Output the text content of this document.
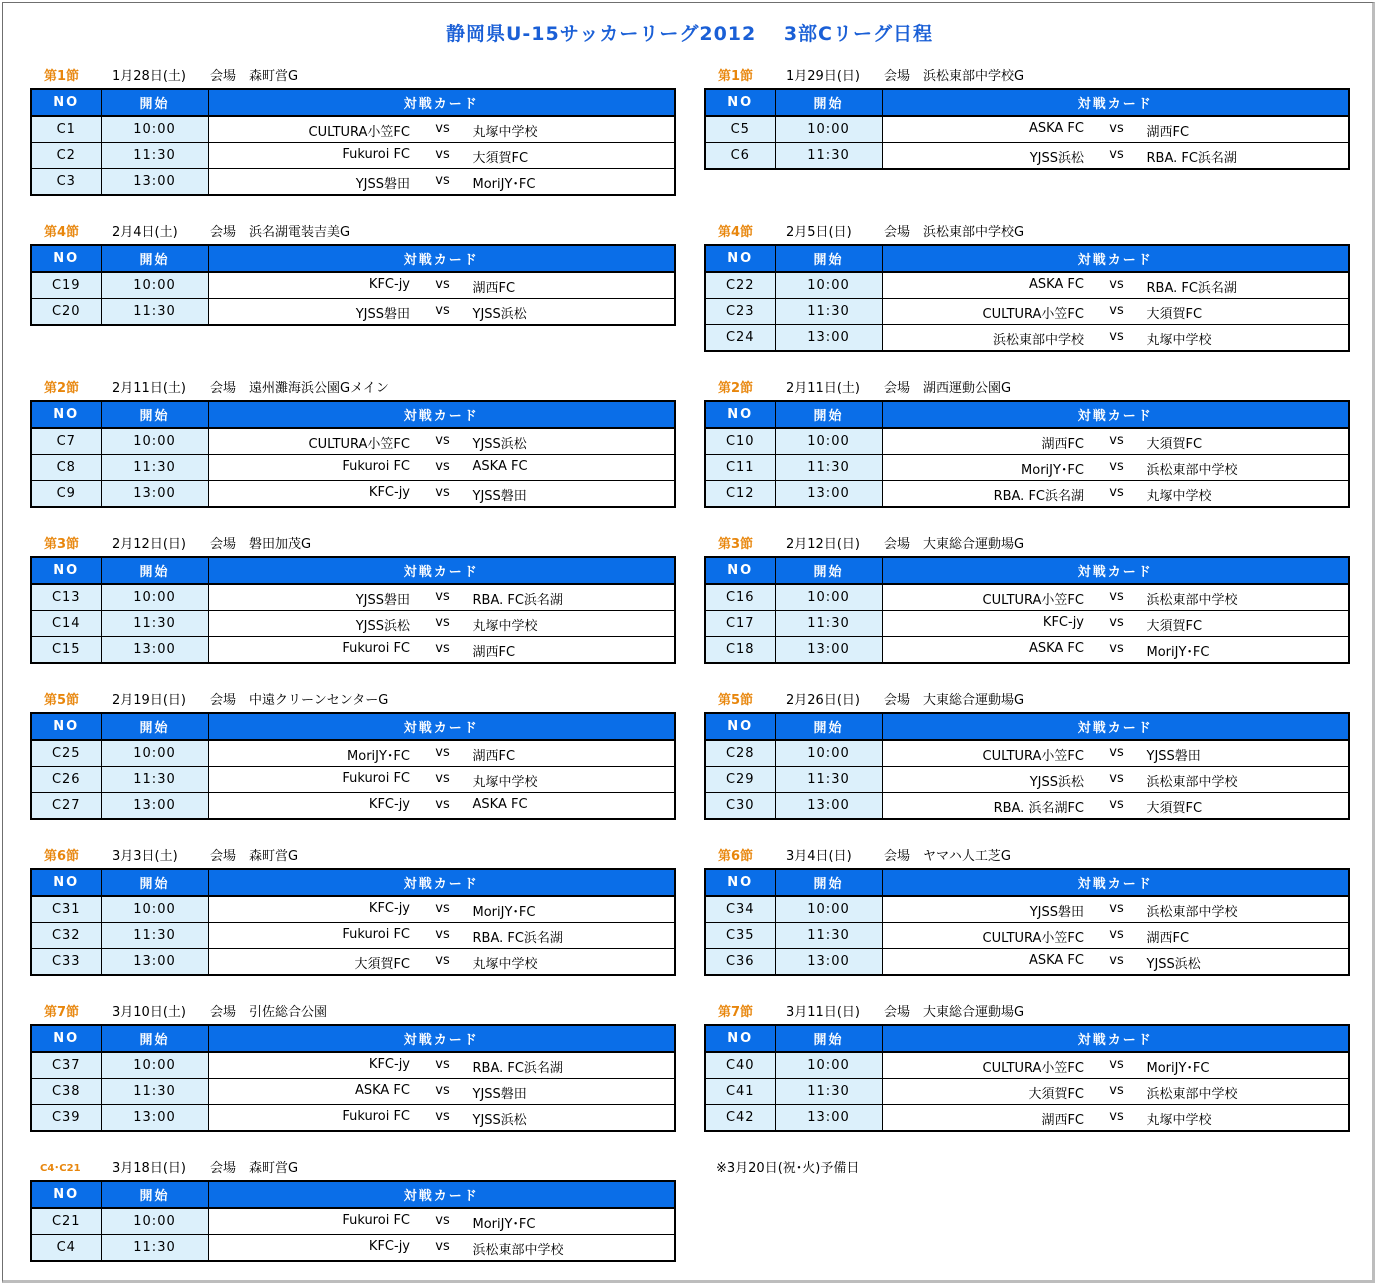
静岡県U-15サッカーリーグ2012　 3部Cリーグ日程
第1節	1月28日(土) 会場　森町営G
NO	開始	対戦カード
C1	10:00	CULTURA小笠FC vs 丸塚中学校

C2	11:30	Fukuroi FC vs 大須賀FC

C3	13:00	YJSS磐田 vs MoriJY･FC
第1節	1月29日(日) 会場　浜松東部中学校G
NO	開始	対戦カード
C5	10:00	ASKA FC vs 湖西FC

C6	11:30	YJSS浜松 vs RBA. FC浜名湖
第4節	2月4日(土) 会場　浜名湖電装吉美G
NO	開始	対戦カード
C19	10:00	KFC-jy vs 湖西FC

C20	11:30	YJSS磐田 vs YJSS浜松
第4節	2月5日(日) 会場　浜松東部中学校G
NO	開始	対戦カード
C22	10:00	ASKA FC vs RBA. FC浜名湖

C23	11:30	CULTURA小笠FC vs 大須賀FC

C24	13:00	浜松東部中学校 vs 丸塚中学校
第2節	2月11日(土) 会場　遠州灘海浜公園Gメイン
NO	開始	対戦カード
C7	10:00	CULTURA小笠FC vs YJSS浜松

C8	11:30	Fukuroi FC vs ASKA FC

C9	13:00	KFC-jy vs YJSS磐田
第2節	2月11日(土) 会場　湖西運動公園G
NO	開始	対戦カード
C10	10:00	湖西FC vs 大須賀FC

C11	11:30	MoriJY･FC vs 浜松東部中学校

C12	13:00	RBA. FC浜名湖 vs 丸塚中学校
第3節	2月12日(日) 会場　磐田加茂G
NO	開始	対戦カード
C13	10:00	YJSS磐田 vs RBA. FC浜名湖

C14	11:30	YJSS浜松 vs 丸塚中学校

C15	13:00	Fukuroi FC vs 湖西FC
第3節	2月12日(日) 会場　大東総合運動場G
NO	開始	対戦カード
C16	10:00	CULTURA小笠FC vs 浜松東部中学校

C17	11:30	KFC-jy vs 大須賀FC

C18	13:00	ASKA FC vs MoriJY･FC
第5節	2月19日(日) 会場　中遠クリーンセンターG
NO	開始	対戦カード
C25	10:00	MoriJY･FC vs 湖西FC

C26	11:30	Fukuroi FC vs 丸塚中学校

C27	13:00	KFC-jy vs ASKA FC
第5節	2月26日(日) 会場　大東総合運動場G
NO	開始	対戦カード
C28	10:00	CULTURA小笠FC vs YJSS磐田

C29	11:30	YJSS浜松 vs 浜松東部中学校

C30	13:00	RBA. 浜名湖FC vs 大須賀FC
第6節	3月3日(土) 会場　森町営G
NO	開始	対戦カード
C31	10:00	KFC-jy vs MoriJY･FC

C32	11:30	Fukuroi FC vs RBA. FC浜名湖

C33	13:00	大須賀FC vs 丸塚中学校
第6節	3月4日(日) 会場　ヤマハ人工芝G
NO	開始	対戦カード
C34	10:00	YJSS磐田 vs 浜松東部中学校

C35	11:30	CULTURA小笠FC vs 湖西FC

C36	13:00	ASKA FC vs YJSS浜松
第7節	3月10日(土) 会場　引佐総合公園
NO	開始	対戦カード
C37	10:00	KFC-jy vs RBA. FC浜名湖

C38	11:30	ASKA FC vs YJSS磐田

C39	13:00	Fukuroi FC vs YJSS浜松
第7節	3月11日(日) 会場　大東総合運動場G
NO	開始	対戦カード
C40	10:00	CULTURA小笠FC vs MoriJY･FC

C41	11:30	大須賀FC vs 浜松東部中学校

C42	13:00	湖西FC vs 丸塚中学校
C4･C21 3月18日(日) 会場　森町営G
NO	開始	対戦カード
C21	10:00	Fukuroi FC vs MoriJY･FC

C4	11:30	KFC-jy vs 浜松東部中学校
※3月20日(祝･火)予備日
